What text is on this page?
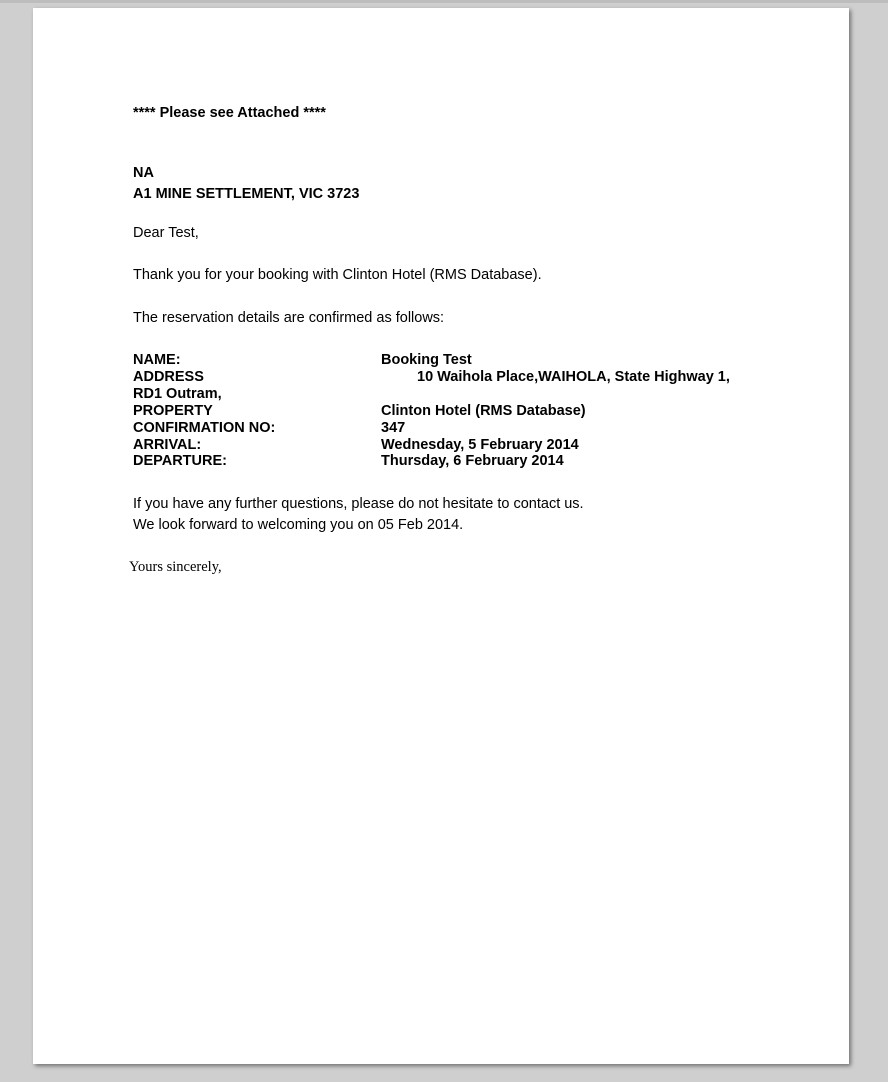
**** Please see Attached ****
NA
A1 MINE SETTLEMENT, VIC 3723
Dear Test,
Thank you for your booking with Clinton Hotel (RMS Database).
The reservation details are confirmed as follows:
NAME:	Booking Test
ADDRESS	10 Waihola Place,WAIHOLA, State Highway 1,
RD1 Outram,
PROPERTY	Clinton Hotel (RMS Database)
CONFIRMATION NO:	347
ARRIVAL:	Wednesday, 5 February 2014
DEPARTURE:	Thursday, 6 February 2014
If you have any further questions, please do not hesitate to contact us.
We look forward to welcoming you on 05 Feb 2014.
Yours sincerely,
